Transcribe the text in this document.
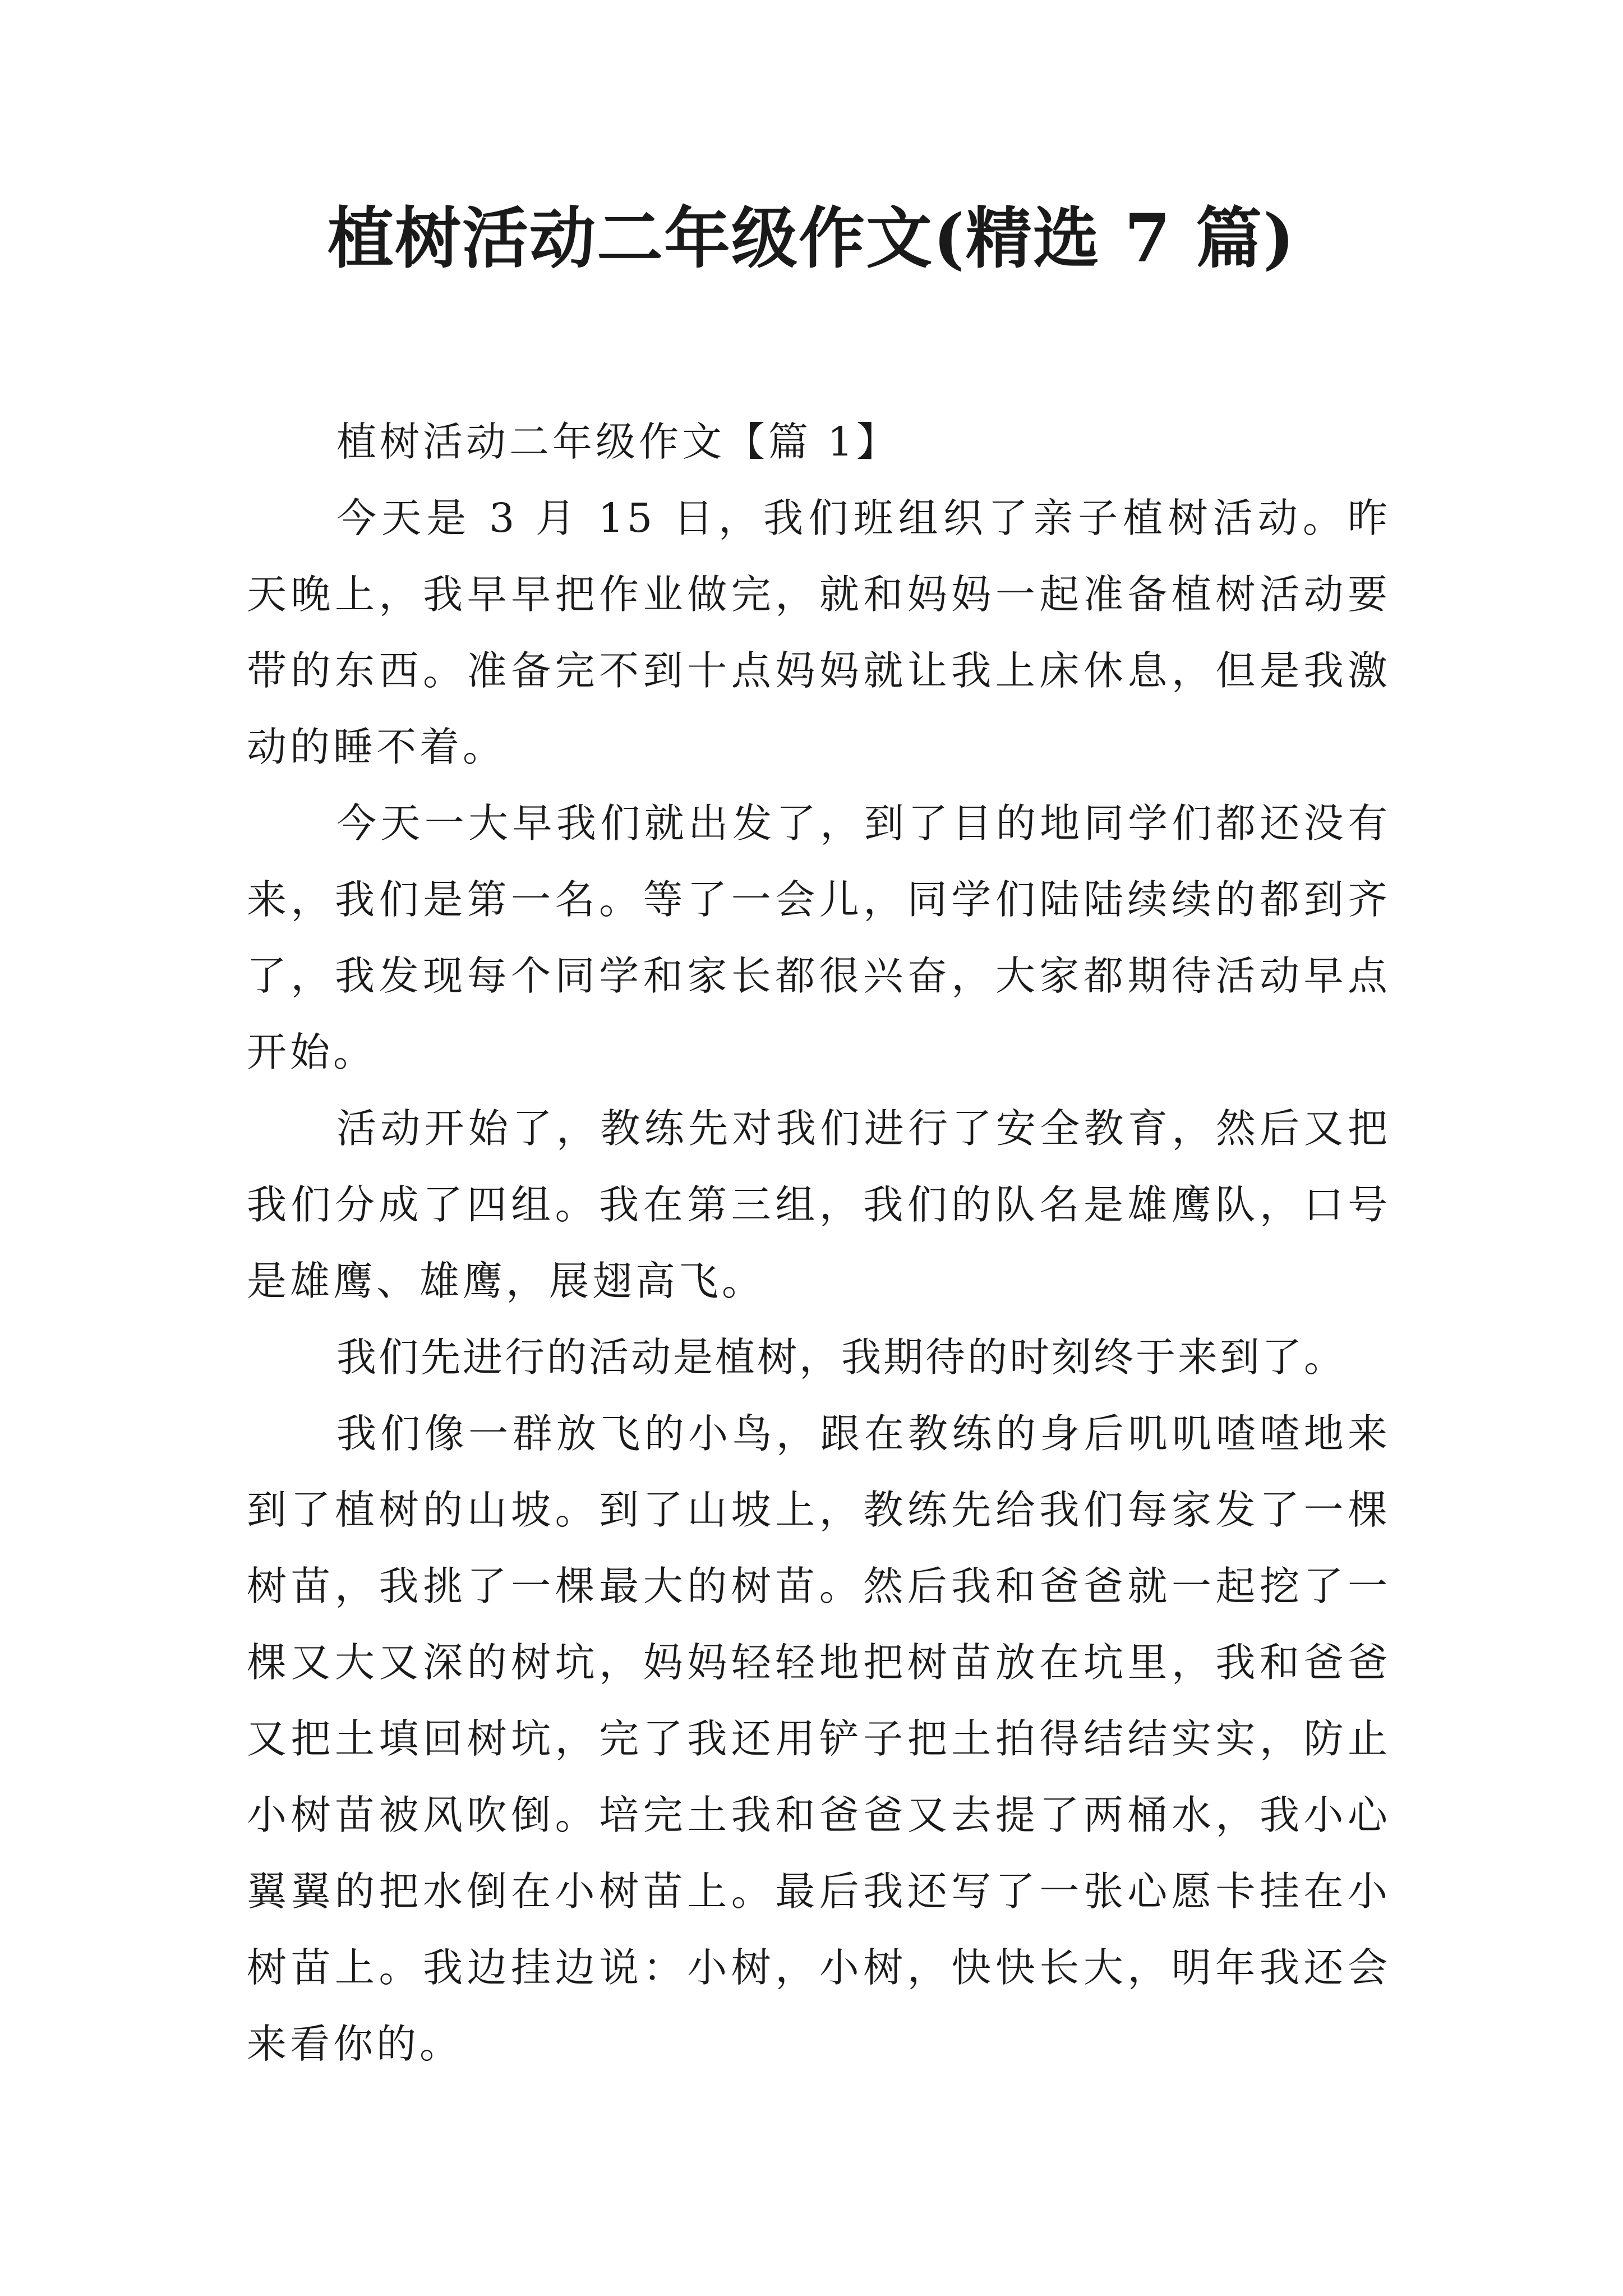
植树活动二年级作文(精选 7 篇)

植树活动二年级作文【篇 1】

今天是 3 月 15 日，我们班组织了亲子植树活动。昨天晚上，我早早把作业做完，就和妈妈一起准备植树活动要带的东西。准备完不到十点妈妈就让我上床休息，但是我激动的睡不着。

今天一大早我们就出发了，到了目的地同学们都还没有来，我们是第一名。等了一会儿，同学们陆陆续续的都到齐了，我发现每个同学和家长都很兴奋，大家都期待活动早点开始。

活动开始了，教练先对我们进行了安全教育，然后又把我们分成了四组。我在第三组，我们的队名是雄鹰队，口号是雄鹰、雄鹰，展翅高飞。

我们先进行的活动是植树，我期待的时刻终于来到了。

我们像一群放飞的小鸟，跟在教练的身后叽叽喳喳地来到了植树的山坡。到了山坡上，教练先给我们每家发了一棵树苗，我挑了一棵最大的树苗。然后我和爸爸就一起挖了一棵又大又深的树坑，妈妈轻轻地把树苗放在坑里，我和爸爸又把土填回树坑，完了我还用铲子把土拍得结结实实，防止小树苗被风吹倒。培完土我和爸爸又去提了两桶水，我小心翼翼的把水倒在小树苗上。最后我还写了一张心愿卡挂在小树苗上。我边挂边说：小树，小树，快快长大，明年我还会来看你的。
